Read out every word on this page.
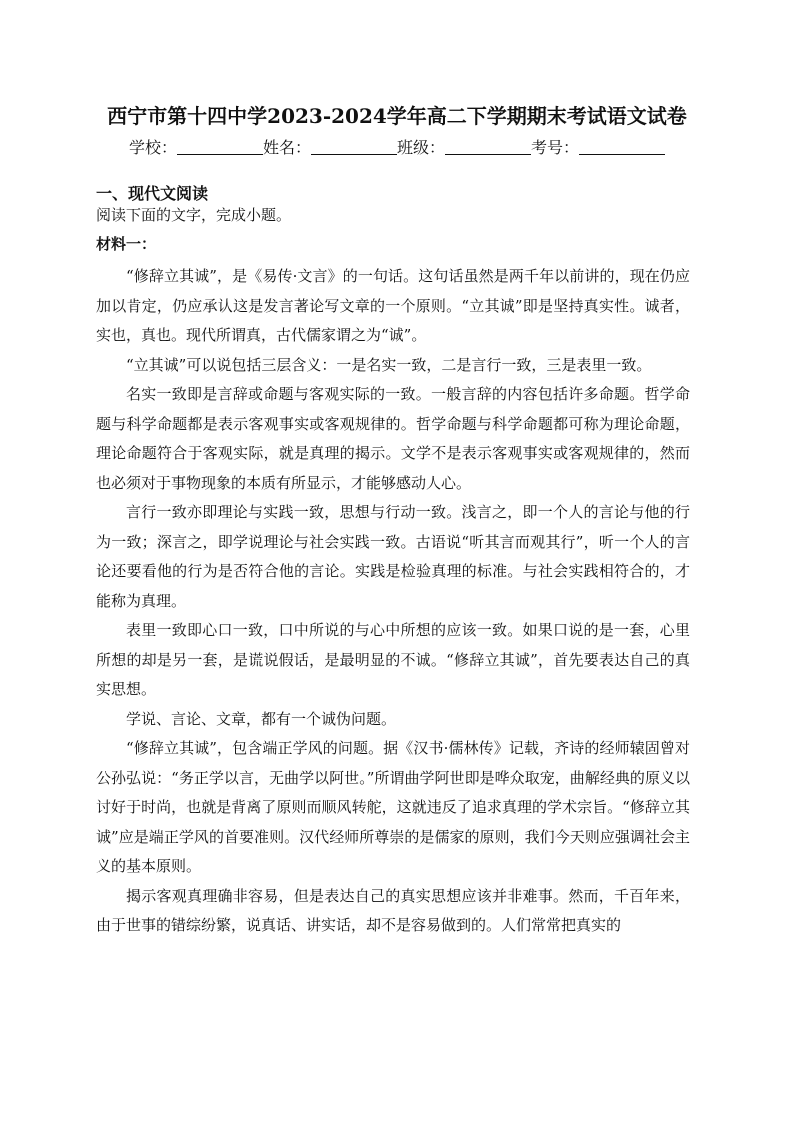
西宁市第十四中学2023-2024学年高二下学期期末考试语文试卷
学校：	姓名：	班级：	考号：
一、现代文阅读
阅读下面的文字，完成小题。
材料一：

“修辞立其诚”，是《易传·文言》的一句话。这句话虽然是两千年以前讲的，现在仍应加以肯定，仍应承认这是发言著论写文章的一个原则。“立其诚”即是坚持真实性。诚者，实也，真也。现代所谓真，古代儒家谓之为“诚”。

“立其诚”可以说包括三层含义：一是名实一致，二是言行一致，三是表里一致。

名实一致即是言辞或命题与客观实际的一致。一般言辞的内容包括许多命题。哲学命题与科学命题都是表示客观事实或客观规律的。哲学命题与科学命题都可称为理论命题，理论命题符合于客观实际，就是真理的揭示。文学不是表示客观事实或客观规律的，然而也必须对于事物现象的本质有所显示，才能够感动人心。

言行一致亦即理论与实践一致，思想与行动一致。浅言之，即一个人的言论与他的行为一致；深言之，即学说理论与社会实践一致。古语说“听其言而观其行”，听一个人的言论还要看他的行为是否符合他的言论。实践是检验真理的标准。与社会实践相符合的，才能称为真理。

表里一致即心口一致，口中所说的与心中所想的应该一致。如果口说的是一套，心里所想的却是另一套，是谎说假话，是最明显的不诚。“修辞立其诚”，首先要表达自己的真实思想。

学说、言论、文章，都有一个诚伪问题。

“修辞立其诚”，包含端正学风的问题。据《汉书·儒林传》记载，齐诗的经师辕固曾对公孙弘说：“务正学以言，无曲学以阿世。”所谓曲学阿世即是哗众取宠，曲解经典的原义以讨好于时尚，也就是背离了原则而顺风转舵，这就违反了追求真理的学术宗旨。“修辞立其诚”应是端正学风的首要准则。汉代经师所尊崇的是儒家的原则，我们今天则应强调社会主义的基本原则。

揭示客观真理确非容易，但是表达自己的真实思想应该并非难事。然而，千百年来，由于世事的错综纷繁，说真话、讲实话，却不是容易做到的。人们常常把真实的
